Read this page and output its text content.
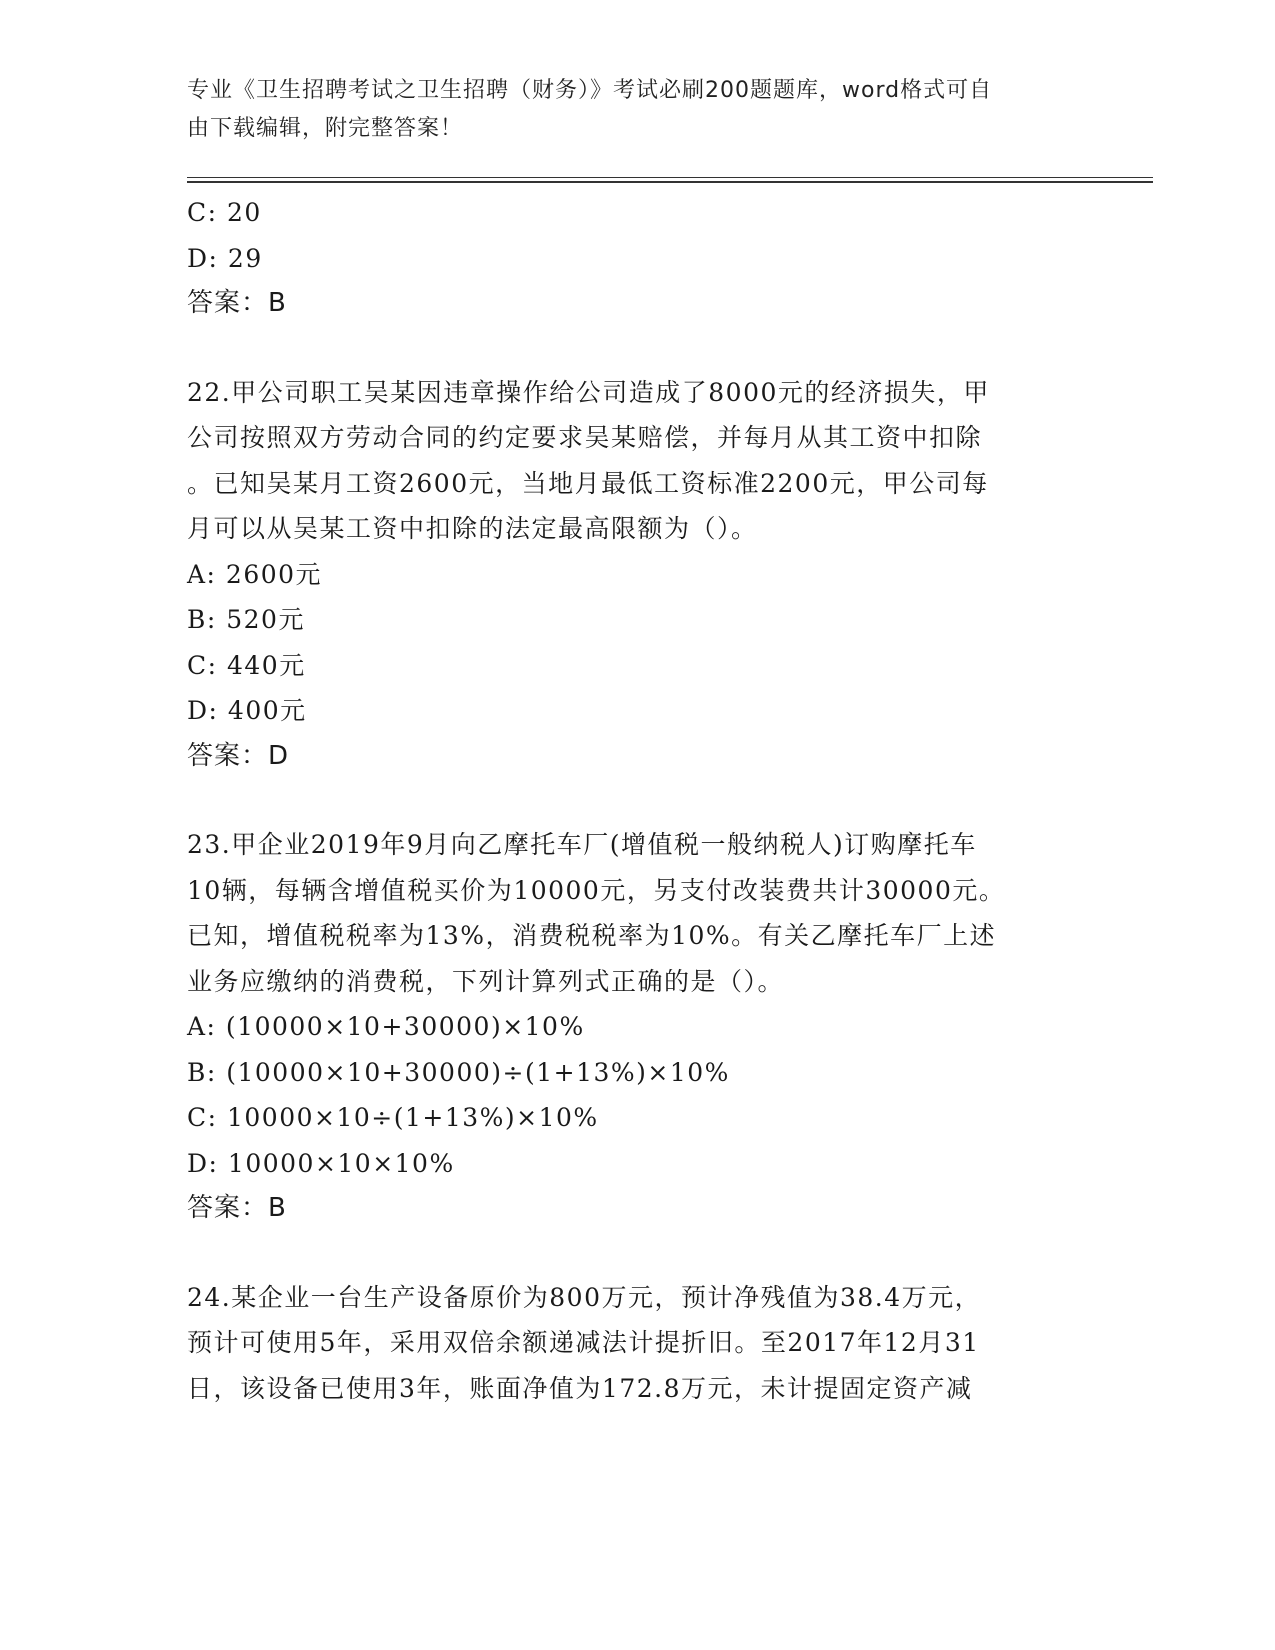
专业《卫生招聘考试之卫生招聘（财务）》考试必刷200题题库，word格式可自
由下载编辑，附完整答案！
C: 20
D: 29
答案：B
22.甲公司职工吴某因违章操作给公司造成了8000元的经济损失，甲
公司按照双方劳动合同的约定要求吴某赔偿，并每月从其工资中扣除
。已知吴某月工资2600元，当地月最低工资标准2200元，甲公司每
月可以从吴某工资中扣除的法定最高限额为（）。
A: 2600元
B: 520元
C: 440元
D: 400元
答案：D
23.甲企业2019年9月向乙摩托车厂(增值税一般纳税人)订购摩托车
10辆，每辆含增值税买价为10000元，另支付改装费共计30000元。
已知，增值税税率为13%，消费税税率为10%。有关乙摩托车厂上述
业务应缴纳的消费税，下列计算列式正确的是（）。
A: (10000×10+30000)×10%
B: (10000×10+30000)÷(1+13%)×10%
C: 10000×10÷(1+13%)×10%
D: 10000×10×10%
答案：B
24.某企业一台生产设备原价为800万元，预计净残值为38.4万元，
预计可使用5年，采用双倍余额递减法计提折旧。至2017年12月31
日，该设备已使用3年，账面净值为172.8万元，未计提固定资产减
